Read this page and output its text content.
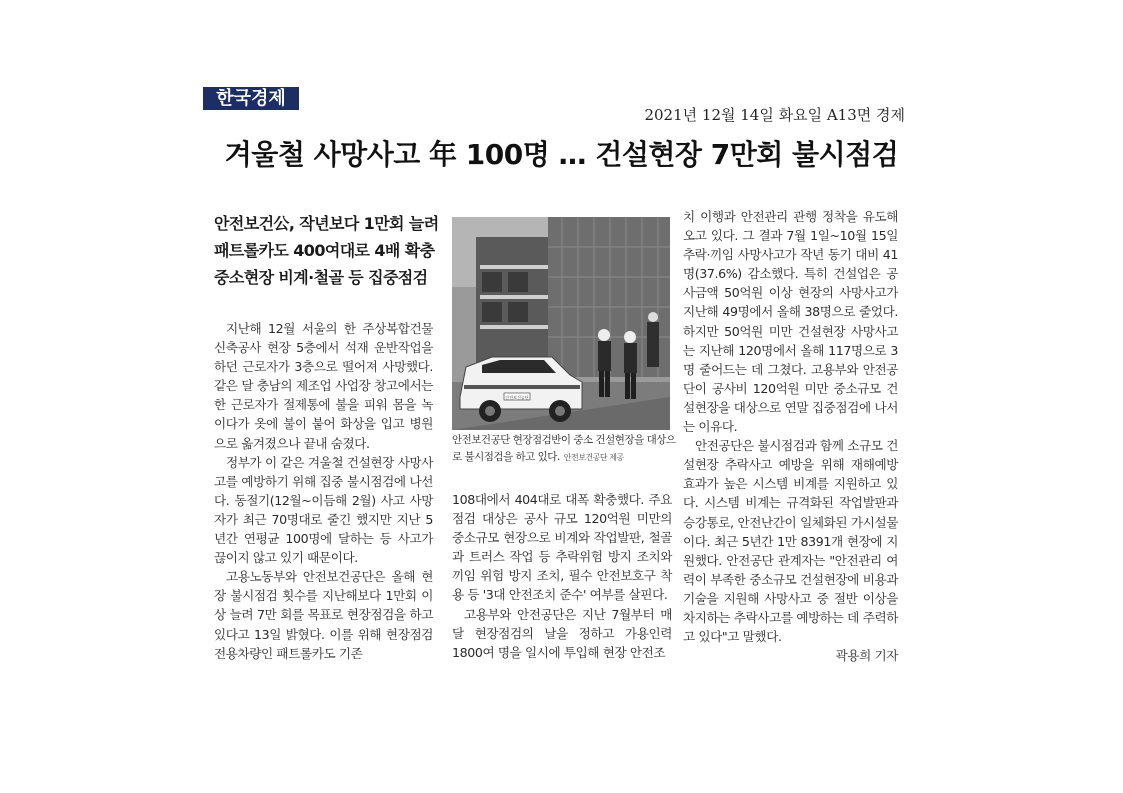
한국경제
2021년 12월 14일 화요일 A13면 경제
겨울철 사망사고 年 100명 … 건설현장 7만회 불시점검
안전보건公, 작년보다 1만회 늘려
패트롤카도 400여대로 4배 확충
중소현장 비계·철골 등 집중점검

지난해 12월 서울의 한 주상복합건물 신축공사 현장 5층에서 석재 운반작업을 하던 근로자가 3층으로 떨어져 사망했다. 같은 달 충남의 제조업 사업장 창고에서는 한 근로자가 절제통에 불을 피워 몸을 녹이다가 옷에 불이 붙어 화상을 입고 병원으로 옮겨졌으나 끝내 숨졌다.

정부가 이 같은 겨울철 건설현장 사망사고를 예방하기 위해 집중 불시점검에 나선다. 동절기(12월~이듬해 2월) 사고 사망자가 최근 70명대로 줄긴 했지만 지난 5년간 연평균 100명에 달하는 등 사고가 끊이지 않고 있기 때문이다.

고용노동부와 안전보건공단은 올해 현장 불시점검 횟수를 지난해보다 1만회 이상 늘려 7만 회를 목표로 현장점검을 하고 있다고 13일 밝혔다. 이를 위해 현장점검 전용차량인 패트롤카도 기존

안전보건공단
안전보건공단 현장점검반이 중소 건설현장을 대상으로 불시점검을 하고 있다. 안전보건공단 제공

108대에서 404대로 대폭 확충했다. 주요 점검 대상은 공사 규모 120억원 미만의 중소규모 현장으로 비계와 작업발판, 철골과 트러스 작업 등 추락위험 방지 조치와 끼임 위험 방지 조치, 필수 안전보호구 착용 등 '3대 안전조치 준수' 여부를 살핀다.

고용부와 안전공단은 지난 7월부터 매달 현장점검의 날을 정하고 가용인력 1800여 명을 일시에 투입해 현장 안전조

치 이행과 안전관리 관행 정착을 유도해 오고 있다. 그 결과 7월 1일~10월 15일 추락·끼임 사망사고가 작년 동기 대비 41명(37.6%) 감소했다. 특히 건설업은 공사금액 50억원 이상 현장의 사망사고가 지난해 49명에서 올해 38명으로 줄었다. 하지만 50억원 미만 건설현장 사망사고는 지난해 120명에서 올해 117명으로 3명 줄어드는 데 그쳤다. 고용부와 안전공단이 공사비 120억원 미만 중소규모 건설현장을 대상으로 연말 집중점검에 나서는 이유다.

안전공단은 불시점검과 함께 소규모 건설현장 추락사고 예방을 위해 재해예방 효과가 높은 시스템 비계를 지원하고 있다. 시스템 비계는 규격화된 작업발판과 승강통로, 안전난간이 일체화된 가시설물이다. 최근 5년간 1만 8391개 현장에 지원했다. 안전공단 관계자는 "안전관리 여력이 부족한 중소규모 건설현장에 비용과 기술을 지원해 사망사고 중 절반 이상을 차지하는 추락사고를 예방하는 데 주력하고 있다"고 말했다.

곽용희 기자
